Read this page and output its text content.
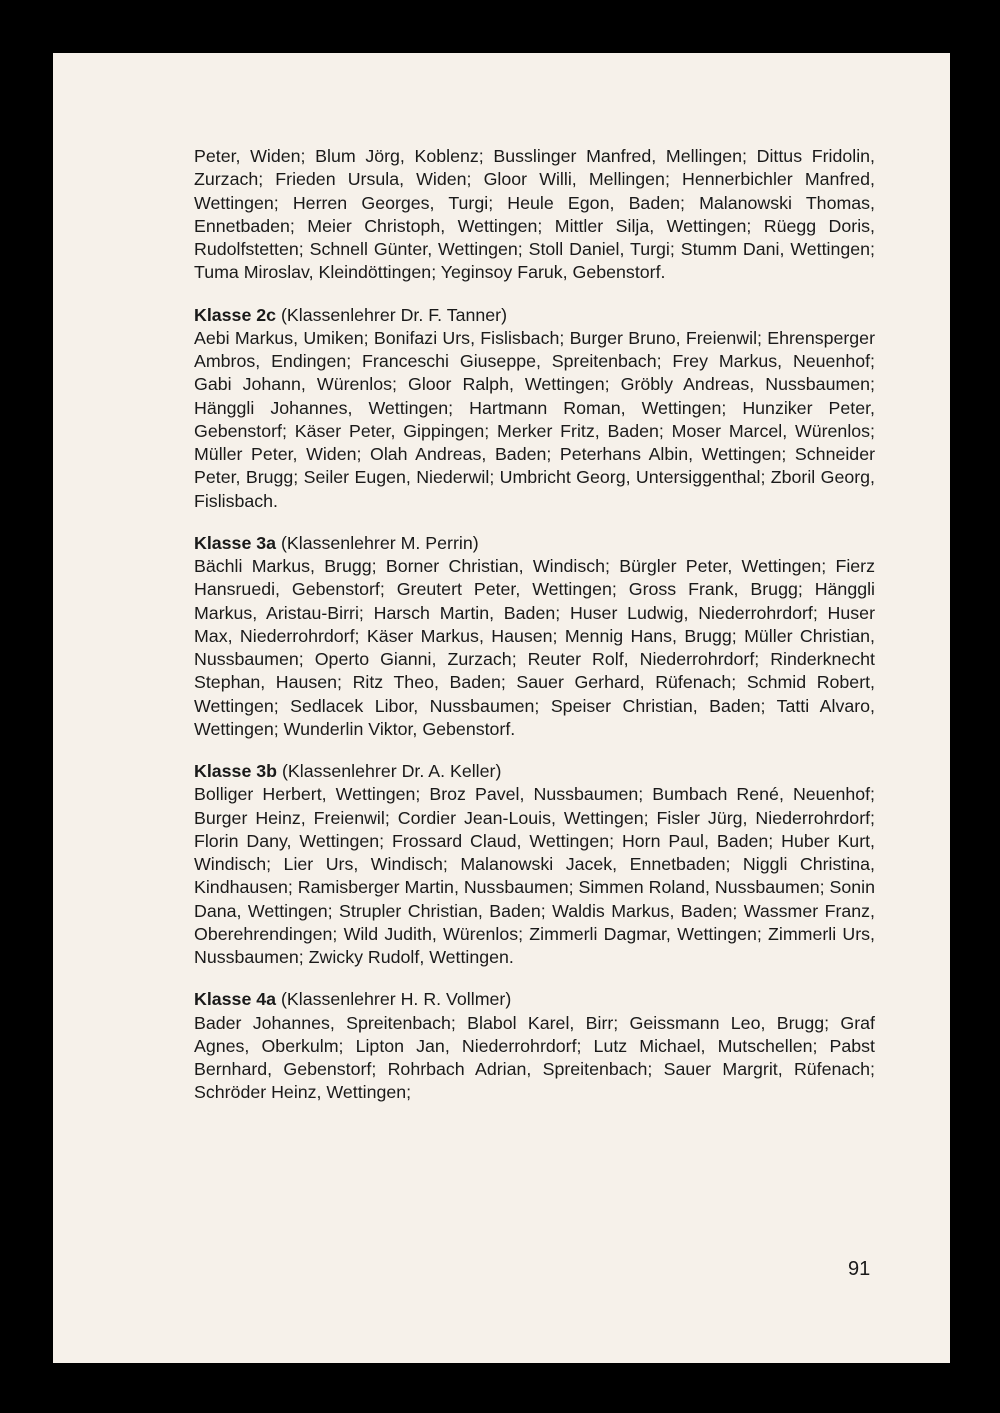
Peter, Widen; Blum Jörg, Koblenz; Busslinger Manfred, Mellingen; Dittus Fridolin, Zurzach; Frieden Ursula, Widen; Gloor Willi, Mellingen; Hennerbichler Manfred, Wettingen; Herren Georges, Turgi; Heule Egon, Baden; Malanowski Thomas, Ennetbaden; Meier Christoph, Wettingen; Mittler Silja, Wettingen; Rüegg Doris, Rudolfstetten; Schnell Günter, Wettingen; Stoll Daniel, Turgi; Stumm Dani, Wettingen; Tuma Miroslav, Kleindöttingen; Yeginsoy Faruk, Gebenstorf.

Klasse 2c (Klassenlehrer Dr. F. Tanner)

Aebi Markus, Umiken; Bonifazi Urs, Fislisbach; Burger Bruno, Freienwil; Ehrensperger Ambros, Endingen; Franceschi Giuseppe, Spreitenbach; Frey Markus, Neuenhof; Gabi Johann, Würenlos; Gloor Ralph, Wettingen; Gröbly Andreas, Nussbaumen; Hänggli Johannes, Wettingen; Hartmann Roman, Wettingen; Hunziker Peter, Gebenstorf; Käser Peter, Gippingen; Merker Fritz, Baden; Moser Marcel, Würenlos; Müller Peter, Widen; Olah Andreas, Baden; Peterhans Albin, Wettingen; Schneider Peter, Brugg; Seiler Eugen, Niederwil; Umbricht Georg, Untersiggenthal; Zboril Georg, Fislisbach.

Klasse 3a (Klassenlehrer M. Perrin)

Bächli Markus, Brugg; Borner Christian, Windisch; Bürgler Peter, Wettingen; Fierz Hansruedi, Gebenstorf; Greutert Peter, Wettingen; Gross Frank, Brugg; Hänggli Markus, Aristau-Birri; Harsch Martin, Baden; Huser Ludwig, Niederrohrdorf; Huser Max, Niederrohrdorf; Käser Markus, Hausen; Mennig Hans, Brugg; Müller Christian, Nussbaumen; Operto Gianni, Zurzach; Reuter Rolf, Niederrohrdorf; Rinderknecht Stephan, Hausen; Ritz Theo, Baden; Sauer Gerhard, Rüfenach; Schmid Robert, Wettingen; Sedlacek Libor, Nussbaumen; Speiser Christian, Baden; Tatti Alvaro, Wettingen; Wunderlin Viktor, Gebenstorf.

Klasse 3b (Klassenlehrer Dr. A. Keller)

Bolliger Herbert, Wettingen; Broz Pavel, Nussbaumen; Bumbach René, Neuenhof; Burger Heinz, Freienwil; Cordier Jean-Louis, Wettingen; Fisler Jürg, Niederrohrdorf; Florin Dany, Wettingen; Frossard Claud, Wettingen; Horn Paul, Baden; Huber Kurt, Windisch; Lier Urs, Windisch; Malanowski Jacek, Ennetbaden; Niggli Christina, Kindhausen; Ramisberger Martin, Nussbaumen; Simmen Roland, Nussbaumen; Sonin Dana, Wettingen; Strupler Christian, Baden; Waldis Markus, Baden; Wassmer Franz, Oberehrendingen; Wild Judith, Würenlos; Zimmerli Dagmar, Wettingen; Zimmerli Urs, Nussbaumen; Zwicky Rudolf, Wettingen.

Klasse 4a (Klassenlehrer H. R. Vollmer)

Bader Johannes, Spreitenbach; Blabol Karel, Birr; Geissmann Leo, Brugg; Graf Agnes, Oberkulm; Lipton Jan, Niederrohrdorf; Lutz Michael, Mutschellen; Pabst Bernhard, Gebenstorf; Rohrbach Adrian, Spreitenbach; Sauer Margrit, Rüfenach; Schröder Heinz, Wettingen;

91
